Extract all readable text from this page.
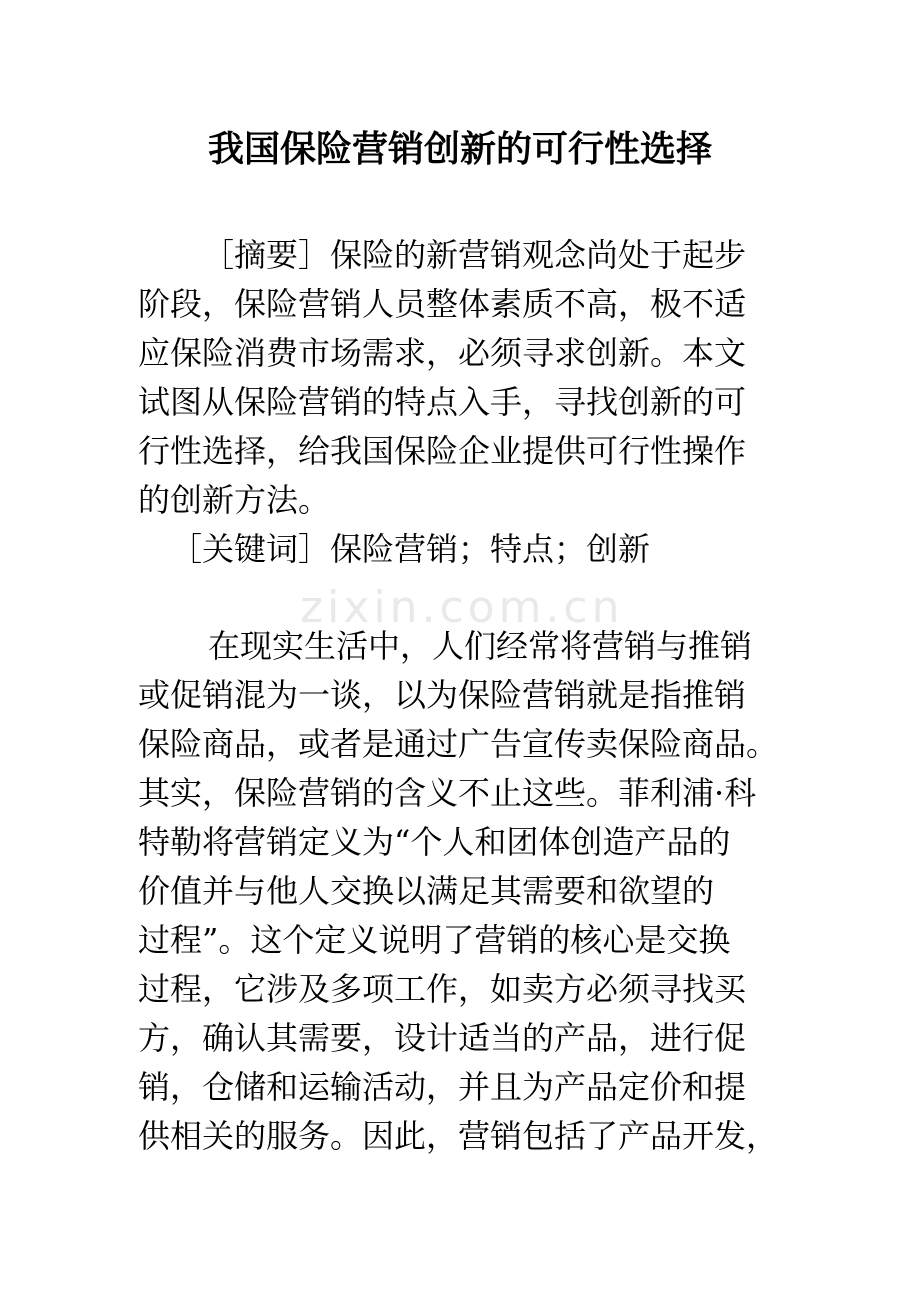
zixin.com.cn
我国保险营销创新的可行性选择
［摘要］保险的新营销观念尚处于起步
阶段，保险营销人员整体素质不高，极不适
应保险消费市场需求，必须寻求创新。本文
试图从保险营销的特点入手，寻找创新的可
行性选择，给我国保险企业提供可行性操作
的创新方法。
［关键词］保险营销；特点；创新
在现实生活中，人们经常将营销与推销
或促销混为一谈，以为保险营销就是指推销
保险商品，或者是通过广告宣传卖保险商品。
其实，保险营销的含义不止这些。菲利浦·科
特勒将营销定义为“个人和团体创造产品的
价值并与他人交换以满足其需要和欲望的
过程”。这个定义说明了营销的核心是交换
过程，它涉及多项工作，如卖方必须寻找买
方，确认其需要，设计适当的产品，进行促
销，仓储和运输活动，并且为产品定价和提
供相关的服务。因此，营销包括了产品开发，
